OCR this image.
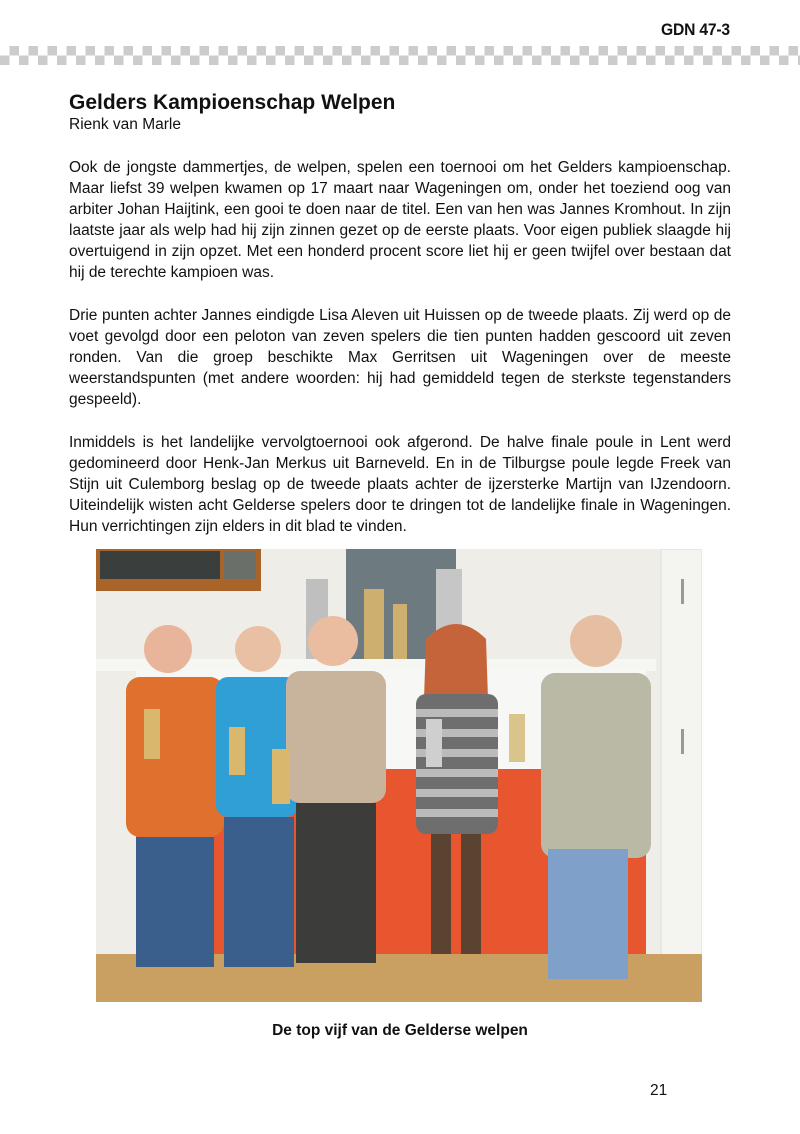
GDN 47-3
Gelders Kampioenschap Welpen

Rienk van Marle

Ook de jongste dammertjes, de welpen, spelen een toernooi om het Gelders kampioenschap. Maar liefst 39 welpen kwamen op 17 maart naar Wageningen om, onder het toeziend oog van arbiter Johan Haijtink, een gooi te doen naar de titel. Een van hen was Jannes Kromhout. In zijn laatste jaar als welp had hij zijn zinnen gezet op de eerste plaats. Voor eigen publiek slaagde hij overtuigend in zijn opzet. Met een honderd procent score liet hij er geen twijfel over bestaan dat hij de terechte kampioen was.

Drie punten achter Jannes eindigde Lisa Aleven uit Huissen op de tweede plaats. Zij werd op de voet gevolgd door een peloton van zeven spelers die tien punten hadden gescoord uit zeven ronden. Van die groep beschikte Max Gerritsen uit Wageningen over de meeste weerstandspunten (met andere woorden: hij had gemiddeld tegen de sterkste tegenstanders gespeeld).

Inmiddels is het landelijke vervolgtoernooi ook afgerond. De halve finale poule in Lent werd gedomineerd door Henk-Jan Merkus uit Barneveld. En in de Tilburgse poule legde Freek van Stijn uit Culemborg beslag op de tweede plaats achter de ijzersterke Martijn van IJzendoorn. Uiteindelijk wisten acht Gelderse spelers door te dringen tot de landelijke finale in Wageningen. Hun verrichtingen zijn elders in dit blad te vinden.

De top vijf van de Gelderse welpen
21
